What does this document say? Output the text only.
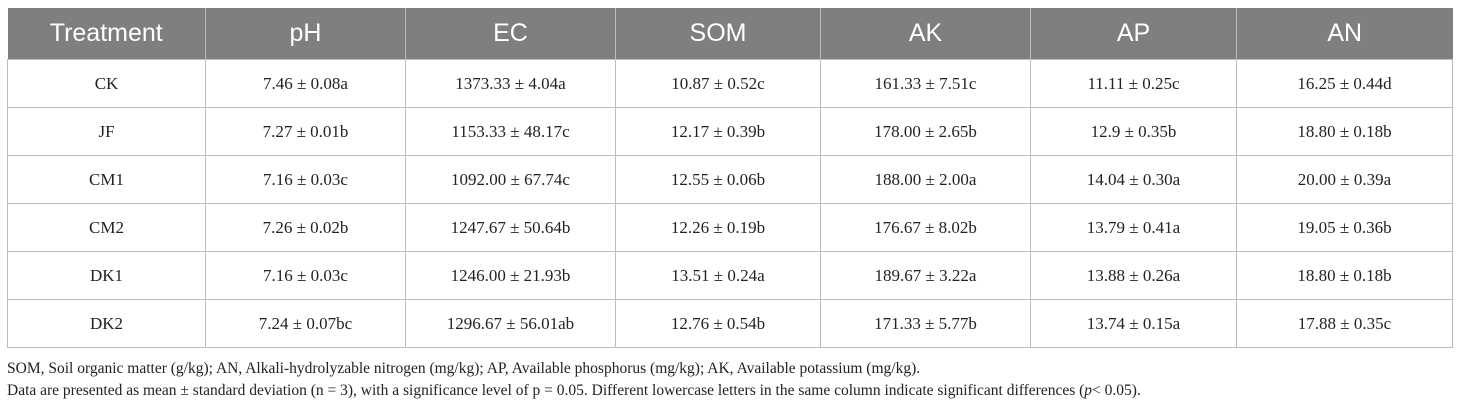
Treatment	pH	EC	SOM	AK	AP	AN
CK	7.46 ± 0.08a	1373.33 ± 4.04a	10.87 ± 0.52c	161.33 ± 7.51c	11.11 ± 0.25c	16.25 ± 0.44d
JF	7.27 ± 0.01b	1153.33 ± 48.17c	12.17 ± 0.39b	178.00 ± 2.65b	12.9 ± 0.35b	18.80 ± 0.18b
CM1	7.16 ± 0.03c	1092.00 ± 67.74c	12.55 ± 0.06b	188.00 ± 2.00a	14.04 ± 0.30a	20.00 ± 0.39a
CM2	7.26 ± 0.02b	1247.67 ± 50.64b	12.26 ± 0.19b	176.67 ± 8.02b	13.79 ± 0.41a	19.05 ± 0.36b
DK1	7.16 ± 0.03c	1246.00 ± 21.93b	13.51 ± 0.24a	189.67 ± 3.22a	13.88 ± 0.26a	18.80 ± 0.18b
DK2	7.24 ± 0.07bc	1296.67 ± 56.01ab	12.76 ± 0.54b	171.33 ± 5.77b	13.74 ± 0.15a	17.88 ± 0.35c

SOM, Soil organic matter (g/kg); AN, Alkali-hydrolyzable nitrogen (mg/kg); AP, Available phosphorus (mg/kg); AK, Available potassium (mg/kg).

Data are presented as mean ± standard deviation (n = 3), with a significance level of p = 0.05. Different lowercase letters in the same column indicate significant differences (p< 0.05).
